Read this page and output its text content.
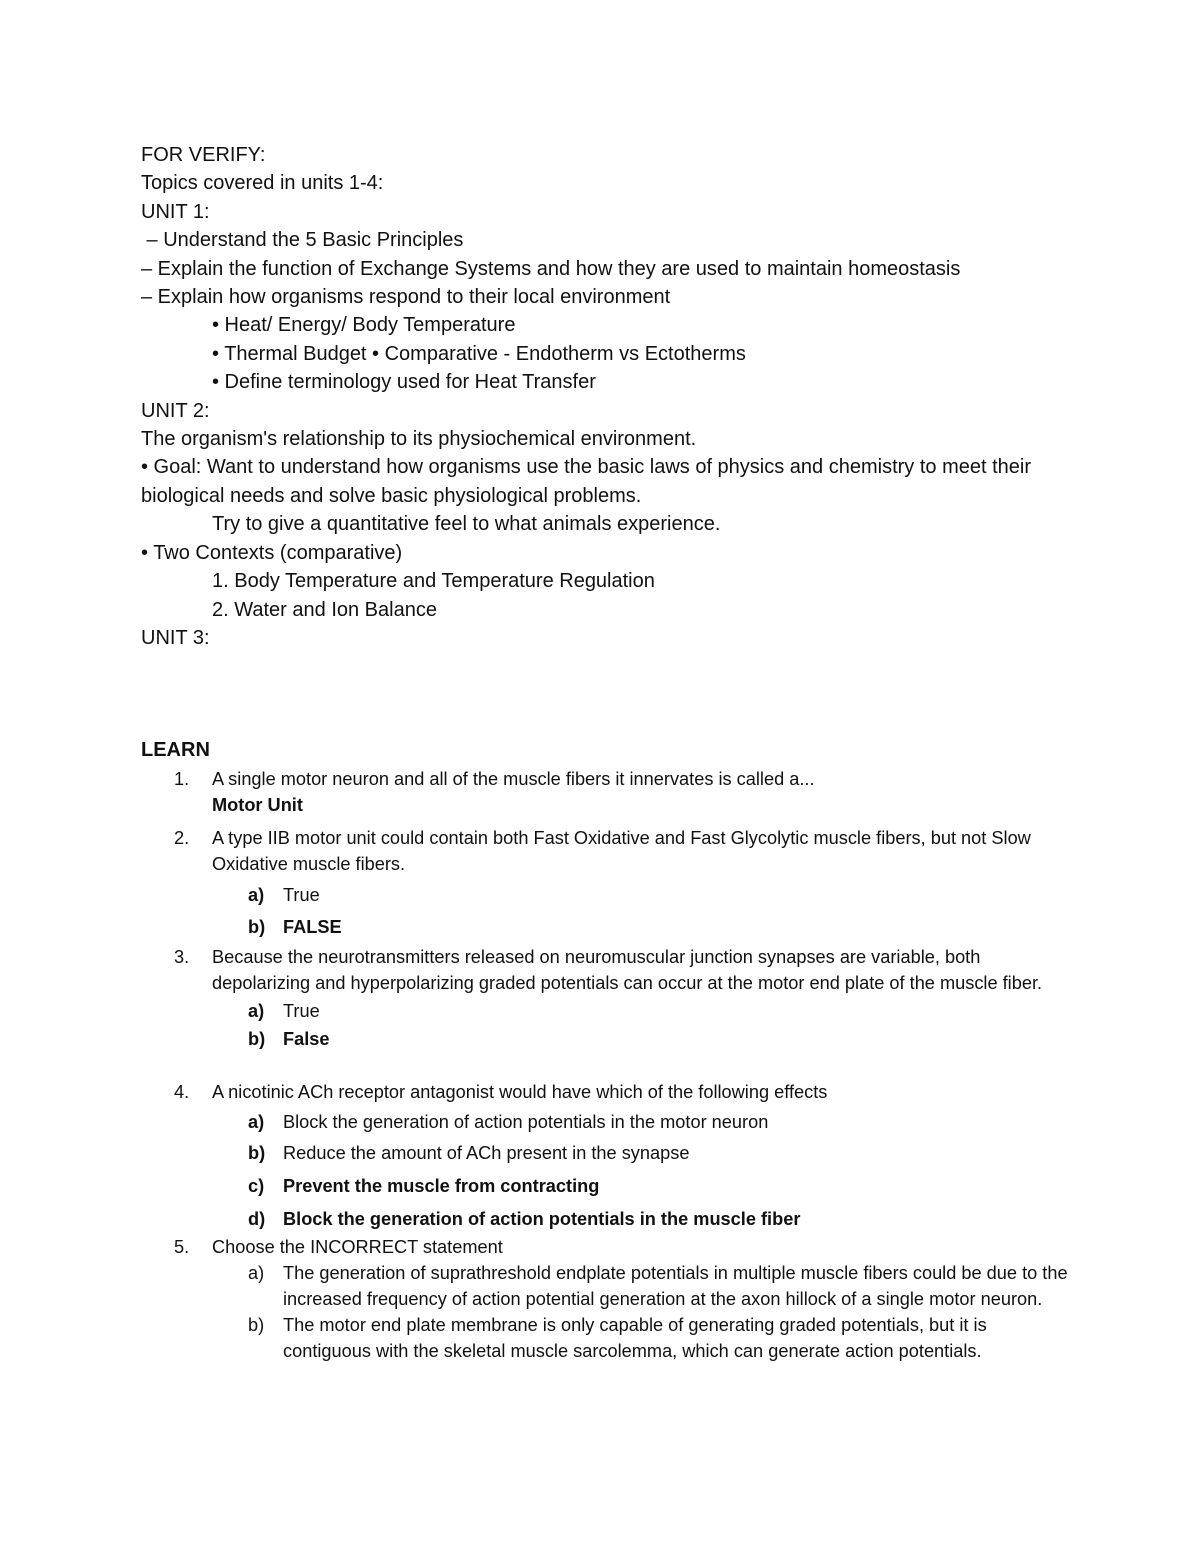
FOR VERIFY:
Topics covered in units 1-4:
UNIT 1:
– Understand the 5 Basic Principles
– Explain the function of Exchange Systems and how they are used to maintain homeostasis
– Explain how organisms respond to their local environment
• Heat/ Energy/ Body Temperature
• Thermal Budget • Comparative - Endotherm vs Ectotherms
• Define terminology used for Heat Transfer
UNIT 2:
The organism's relationship to its physiochemical environment.
• Goal: Want to understand how organisms use the basic laws of physics and chemistry to meet their biological needs and solve basic physiological problems.
Try to give a quantitative feel to what animals experience.
• Two Contexts (comparative)
1. Body Temperature and Temperature Regulation
2. Water and Ion Balance
UNIT 3:
LEARN
1. A single motor neuron and all of the muscle fibers it innervates is called a...
Motor Unit
2. A type IIB motor unit could contain both Fast Oxidative and Fast Glycolytic muscle fibers, but not Slow Oxidative muscle fibers.
a) True
b) FALSE
3. Because the neurotransmitters released on neuromuscular junction synapses are variable, both depolarizing and hyperpolarizing graded potentials can occur at the motor end plate of the muscle fiber.
a) True
b) False
4. A nicotinic ACh receptor antagonist would have which of the following effects
a) Block the generation of action potentials in the motor neuron
b) Reduce the amount of ACh present in the synapse
c) Prevent the muscle from contracting
d) Block the generation of action potentials in the muscle fiber
5. Choose the INCORRECT statement
a) The generation of suprathreshold endplate potentials in multiple muscle fibers could be due to the increased frequency of action potential generation at the axon hillock of a single motor neuron.
b) The motor end plate membrane is only capable of generating graded potentials, but it is contiguous with the skeletal muscle sarcolemma, which can generate action potentials.
